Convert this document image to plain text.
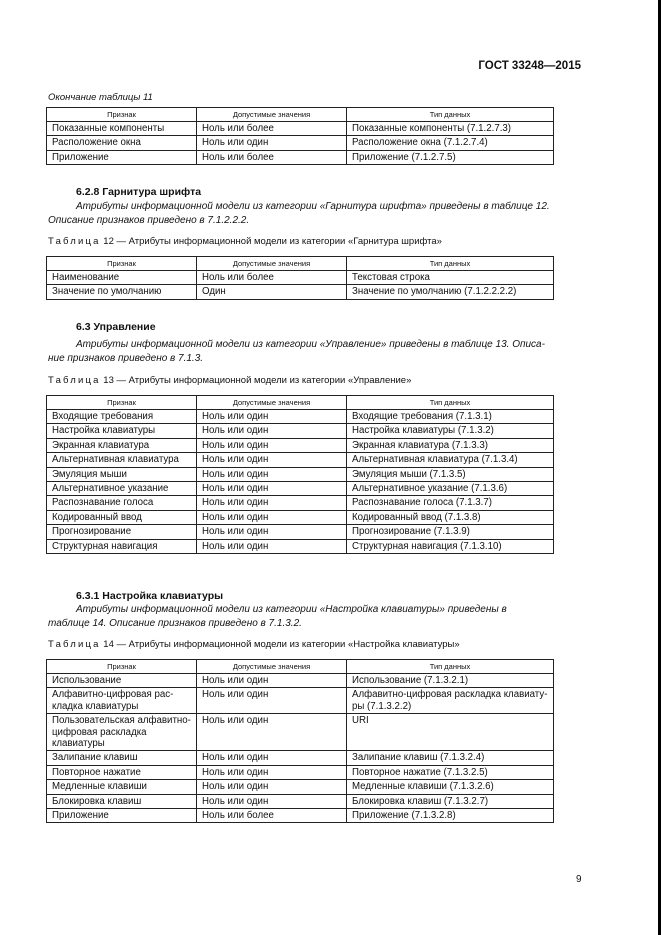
ГОСТ 33248—2015
Окончание таблицы 11
Признак	Допустимые значения	Тип данных
Показанные компоненты	Ноль или более	Показанные компоненты (7.1.2.7.3)
Расположение окна	Ноль или один	Расположение окна (7.1.2.7.4)
Приложение	Ноль или более	Приложение (7.1.2.7.5)
6.2.8 Гарнитура шрифта
Атрибуты информационной модели из категории «Гарнитура шрифта» приведены в таблице 12.
Описание признаков приведено в 7.1.2.2.2.
Таблица 12 — Атрибуты информационной модели из категории «Гарнитура шрифта»
Признак	Допустимые значения	Тип данных
Наименование	Ноль или более	Текстовая строка
Значение по умолчанию	Один	Значение по умолчанию (7.1.2.2.2.2)
6.3 Управление
Атрибуты информационной модели из категории «Управление» приведены в таблице 13. Описа-
ние признаков приведено в 7.1.3.
Таблица 13 — Атрибуты информационной модели из категории «Управление»
Признак	Допустимые значения	Тип данных
Входящие требования	Ноль или один	Входящие требования (7.1.3.1)
Настройка клавиатуры	Ноль или один	Настройка клавиатуры (7.1.3.2)
Экранная клавиатура	Ноль или один	Экранная клавиатура (7.1.3.3)
Альтернативная клавиатура	Ноль или один	Альтернативная клавиатура (7.1.3.4)
Эмуляция мыши	Ноль или один	Эмуляция мыши (7.1.3.5)
Альтернативное указание	Ноль или один	Альтернативное указание (7.1.3.6)
Распознавание голоса	Ноль или один	Распознавание голоса (7.1.3.7)
Кодированный ввод	Ноль или один	Кодированный ввод (7.1.3.8)
Прогнозирование	Ноль или один	Прогнозирование (7.1.3.9)
Структурная навигация	Ноль или один	Структурная навигация (7.1.3.10)
6.3.1 Настройка клавиатуры
Атрибуты информационной модели из категории «Настройка клавиатуры» приведены в
таблице 14. Описание признаков приведено в 7.1.3.2.
Таблица 14 — Атрибуты информационной модели из категории «Настройка клавиатуры»
Признак	Допустимые значения	Тип данных
Использование	Ноль или один	Использование (7.1.3.2.1)
Алфавитно-цифровая рас-кладка клавиатуры	Ноль или один	Алфавитно-цифровая раскладка клавиату-ры (7.1.3.2.2)
Пользовательская алфавитно-цифровая раскладка клавиатуры	Ноль или один	URI
Залипание клавиш	Ноль или один	Залипание клавиш (7.1.3.2.4)
Повторное нажатие	Ноль или один	Повторное нажатие (7.1.3.2.5)
Медленные клавиши	Ноль или один	Медленные клавиши (7.1.3.2.6)
Блокировка клавиш	Ноль или один	Блокировка клавиш (7.1.3.2.7)
Приложение	Ноль или более	Приложение (7.1.3.2.8)
9
